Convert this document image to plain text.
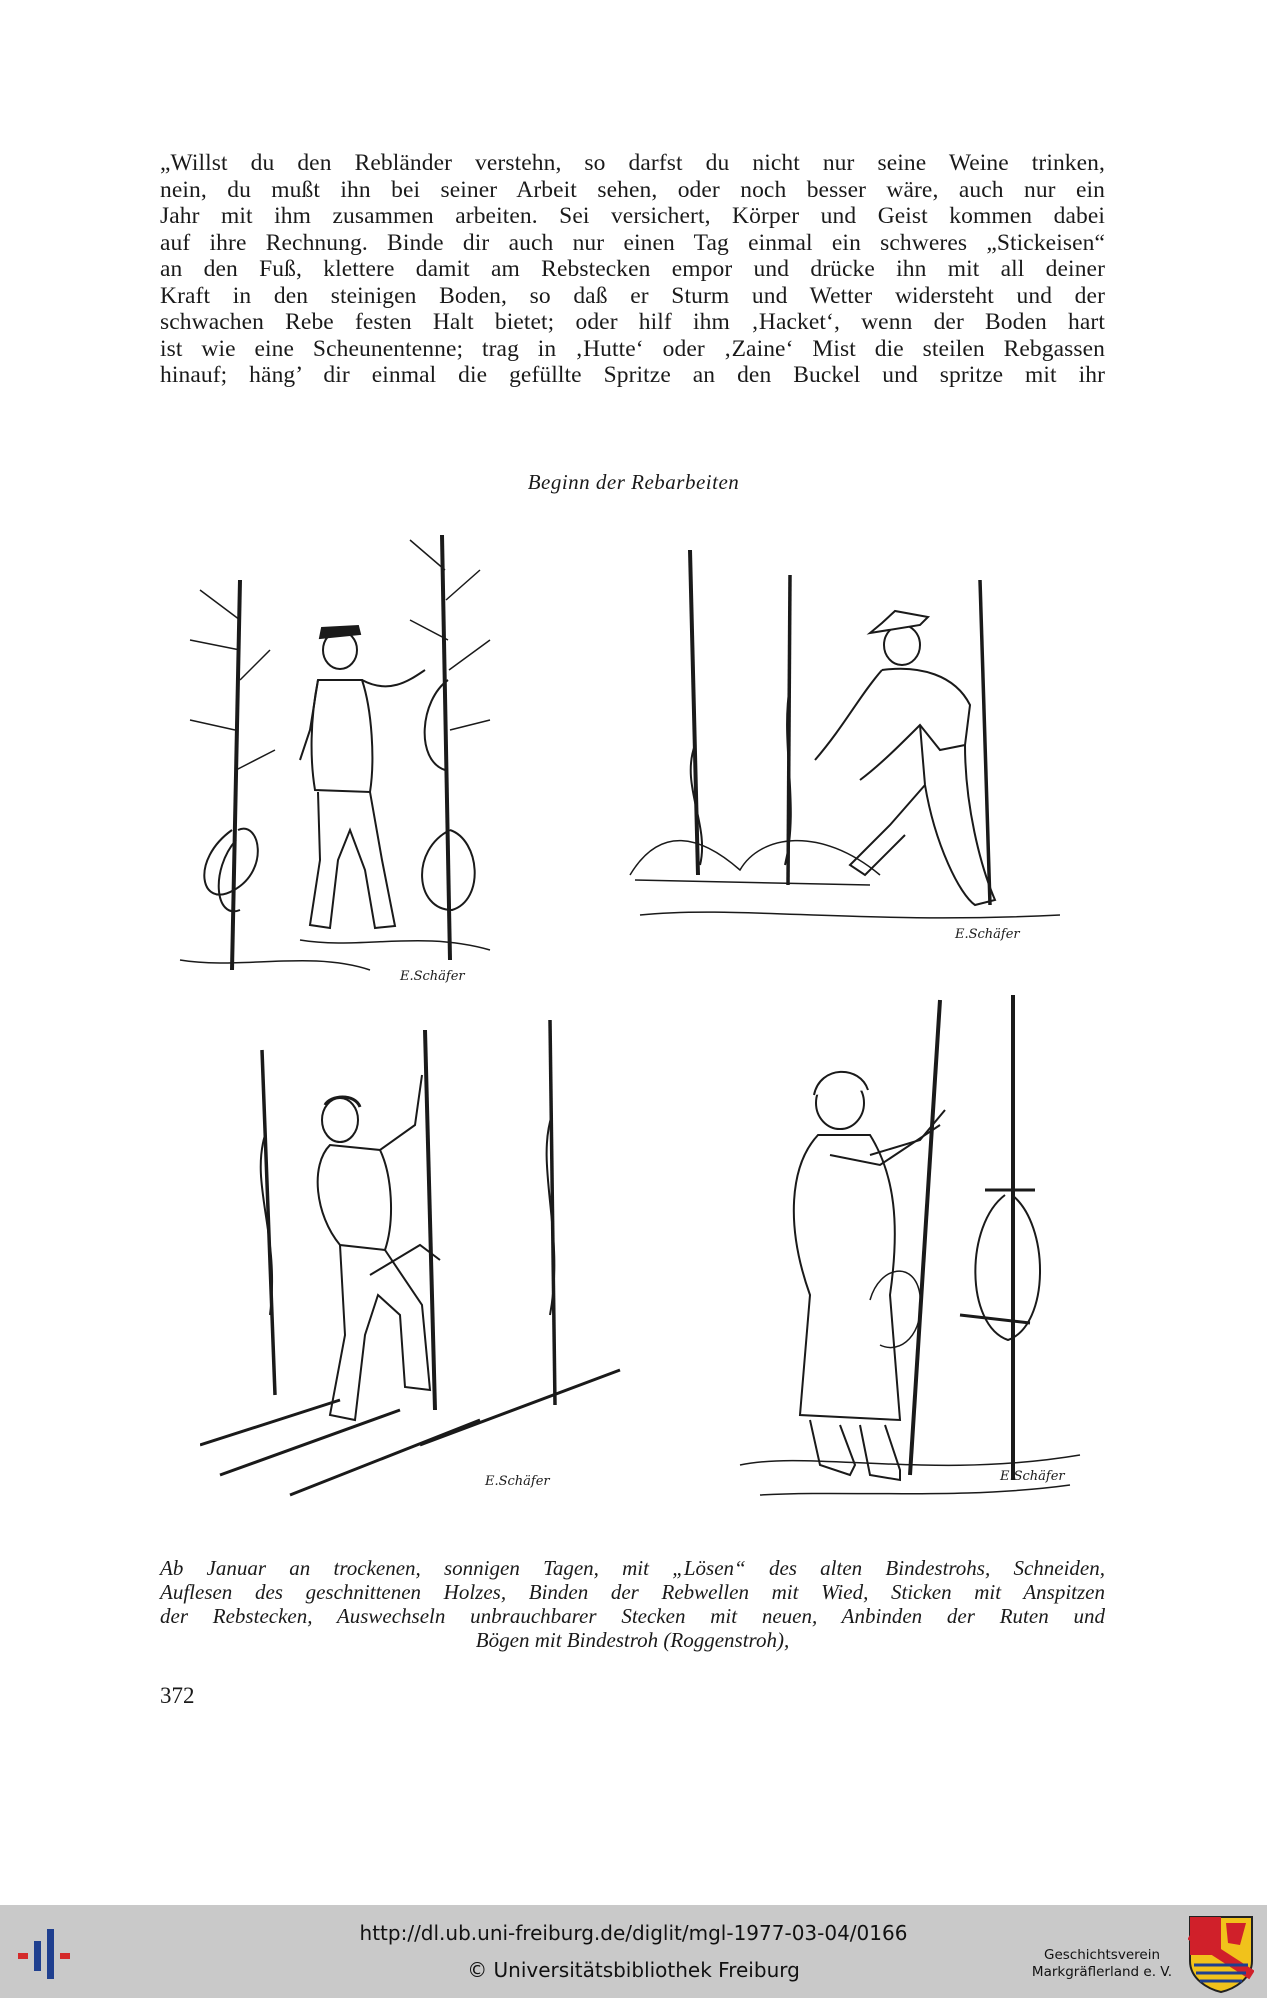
„Willst du den Rebländer verstehn, so darfst du nicht nur seine Weine trinken,
nein, du mußt ihn bei seiner Arbeit sehen, oder noch besser wäre, auch nur ein
Jahr mit ihm zusammen arbeiten. Sei versichert, Körper und Geist kommen dabei
auf ihre Rechnung. Binde dir auch nur einen Tag einmal ein schweres „Stickeisen“
an den Fuß, klettere damit am Rebstecken empor und drücke ihn mit all deiner
Kraft in den steinigen Boden, so daß er Sturm und Wetter widersteht und der
schwachen Rebe festen Halt bietet; oder hilf ihm ‚Hacket‘, wenn der Boden hart
ist wie eine Scheunentenne; trag in ‚Hutte‘ oder ‚Zaine‘ Mist die steilen Rebgassen
hinauf; häng’ dir einmal die gefüllte Spritze an den Buckel und spritze mit ihr
Beginn der Rebarbeiten
E.Schäfer
E.Schäfer
E.Schäfer	E.Schäfer
Ab Januar an trockenen, sonnigen Tagen, mit „Lösen“ des alten Bindestrohs, Schneiden,
Auflesen des geschnittenen Holzes, Binden der Rebwellen mit Wied, Sticken mit Anspitzen
der Rebstecken, Auswechseln unbrauchbarer Stecken mit neuen, Anbinden der Ruten und
Bögen mit Bindestroh (Roggenstroh),
372
http://dl.ub.uni-freiburg.de/diglit/mgl-1977-03-04/0166
© Universitätsbibliothek Freiburg
Geschichtsverein
Markgräflerland e. V.
